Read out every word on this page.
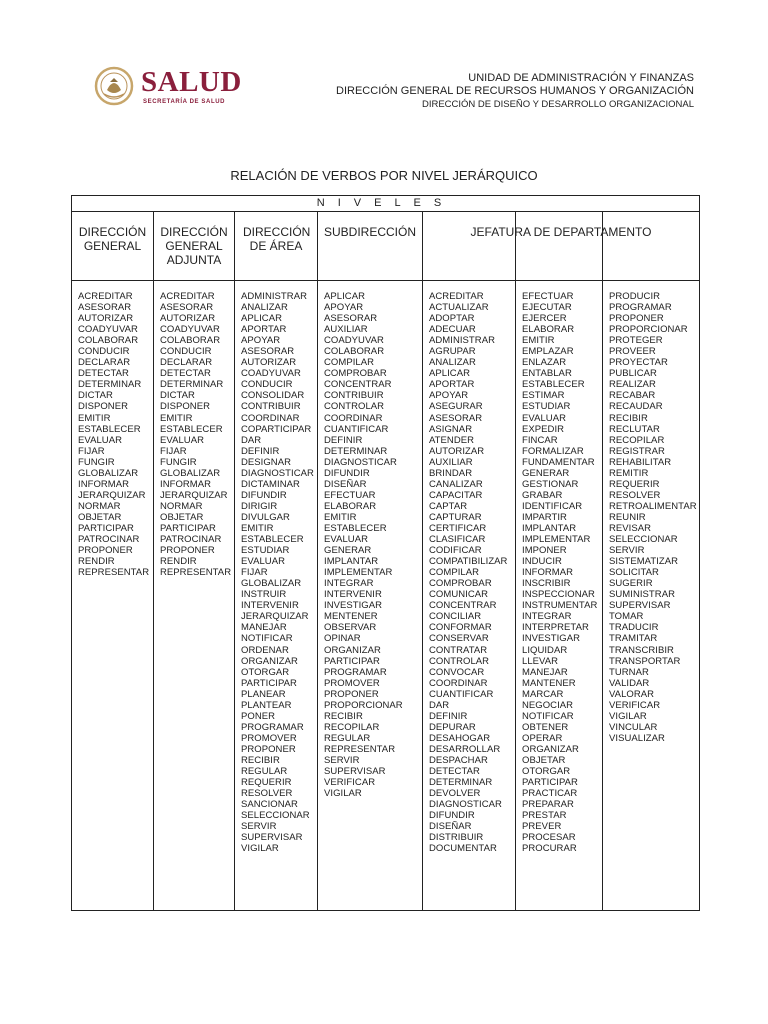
SALUD
SECRETARÍA DE SALUD
UNIDAD DE ADMINISTRACIÓN Y FINANZAS
DIRECCIÓN GENERAL DE RECURSOS HUMANOS Y ORGANIZACIÓN
DIRECCIÓN DE DISEÑO Y DESARROLLO ORGANIZACIONAL
RELACIÓN DE VERBOS POR NIVEL JERÁRQUICO
NIVELES
DIRECCIÓN GENERAL
ACREDITAR
ASESORAR
AUTORIZAR
COADYUVAR
COLABORAR
CONDUCIR
DECLARAR
DETECTAR
DETERMINAR
DICTAR
DISPONER
EMITIR
ESTABLECER
EVALUAR
FIJAR
FUNGIR
GLOBALIZAR
INFORMAR
JERARQUIZAR
NORMAR
OBJETAR
PARTICIPAR
PATROCINAR
PROPONER
RENDIR
REPRESENTAR
DIRECCIÓN GENERAL ADJUNTA
ACREDITAR
ASESORAR
AUTORIZAR
COADYUVAR
COLABORAR
CONDUCIR
DECLARAR
DETECTAR
DETERMINAR
DICTAR
DISPONER
EMITIR
ESTABLECER
EVALUAR
FIJAR
FUNGIR
GLOBALIZAR
INFORMAR
JERARQUIZAR
NORMAR
OBJETAR
PARTICIPAR
PATROCINAR
PROPONER
RENDIR
REPRESENTAR
DIRECCIÓN DE ÁREA
ADMINISTRAR
ANALIZAR
APLICAR
APORTAR
APOYAR
ASESORAR
AUTORIZAR
COADYUVAR
CONDUCIR
CONSOLIDAR
CONTRIBUIR
COORDINAR
COPARTICIPAR
DAR
DEFINIR
DESIGNAR
DIAGNOSTICAR
DICTAMINAR
DIFUNDIR
DIRIGIR
DIVULGAR
EMITIR
ESTABLECER
ESTUDIAR
EVALUAR
FIJAR
GLOBALIZAR
INSTRUIR
INTERVENIR
JERARQUIZAR
MANEJAR
NOTIFICAR
ORDENAR
ORGANIZAR
OTORGAR
PARTICIPAR
PLANEAR
PLANTEAR
PONER
PROGRAMAR
PROMOVER
PROPONER
RECIBIR
REGULAR
REQUERIR
RESOLVER
SANCIONAR
SELECCIONAR
SERVIR
SUPERVISAR
VIGILAR
SUBDIRECCIÓN
APLICAR
APOYAR
ASESORAR
AUXILIAR
COADYUVAR
COLABORAR
COMPILAR
COMPROBAR
CONCENTRAR
CONTRIBUIR
CONTROLAR
COORDINAR
CUANTIFICAR
DEFINIR
DETERMINAR
DIAGNOSTICAR
DIFUNDIR
DISEÑAR
EFECTUAR
ELABORAR
EMITIR
ESTABLECER
EVALUAR
GENERAR
IMPLANTAR
IMPLEMENTAR
INTEGRAR
INTERVENIR
INVESTIGAR
MENTENER
OBSERVAR
OPINAR
ORGANIZAR
PARTICIPAR
PROGRAMAR
PROMOVER
PROPONER
PROPORCIONAR
RECIBIR
RECOPILAR
REGULAR
REPRESENTAR
SERVIR
SUPERVISAR
VERIFICAR
VIGILAR
JEFATURA DE DEPARTAMENTO
ACREDITAR
ACTUALIZAR
ADOPTAR
ADECUAR
ADMINISTRAR
AGRUPAR
ANALIZAR
APLICAR
APORTAR
APOYAR
ASEGURAR
ASESORAR
ASIGNAR
ATENDER
AUTORIZAR
AUXILIAR
BRINDAR
CANALIZAR
CAPACITAR
CAPTAR
CAPTURAR
CERTIFICAR
CLASIFICAR
CODIFICAR
COMPATIBILIZAR
COMPILAR
COMPROBAR
COMUNICAR
CONCENTRAR
CONCILIAR
CONFORMAR
CONSERVAR
CONTRATAR
CONTROLAR
CONVOCAR
COORDINAR
CUANTIFICAR
DAR
DEFINIR
DEPURAR
DESAHOGAR
DESARROLLAR
DESPACHAR
DETECTAR
DETERMINAR
DEVOLVER
DIAGNOSTICAR
DIFUNDIR
DISEÑAR
DISTRIBUIR
DOCUMENTAR
EFECTUAR
EJECUTAR
EJERCER
ELABORAR
EMITIR
EMPLAZAR
ENLAZAR
ENTABLAR
ESTABLECER
ESTIMAR
ESTUDIAR
EVALUAR
EXPEDIR
FINCAR
FORMALIZAR
FUNDAMENTAR
GENERAR
GESTIONAR
GRABAR
IDENTIFICAR
IMPARTIR
IMPLANTAR
IMPLEMENTAR
IMPONER
INDUCIR
INFORMAR
INSCRIBIR
INSPECCIONAR
INSTRUMENTAR
INTEGRAR
INTERPRETAR
INVESTIGAR
LIQUIDAR
LLEVAR
MANEJAR
MANTENER
MARCAR
NEGOCIAR
NOTIFICAR
OBTENER
OPERAR
ORGANIZAR
OBJETAR
OTORGAR
PARTICIPAR
PRACTICAR
PREPARAR
PRESTAR
PREVER
PROCESAR
PROCURAR
PRODUCIR
PROGRAMAR
PROPONER
PROPORCIONAR
PROTEGER
PROVEER
PROYECTAR
PUBLICAR
REALIZAR
RECABAR
RECAUDAR
RECIBIR
RECLUTAR
RECOPILAR
REGISTRAR
REHABILITAR
REMITIR
REQUERIR
RESOLVER
RETROALIMENTAR
REUNIR
REVISAR
SELECCIONAR
SERVIR
SISTEMATIZAR
SOLICITAR
SUGERIR
SUMINISTRAR
SUPERVISAR
TOMAR
TRADUCIR
TRAMITAR
TRANSCRIBIR
TRANSPORTAR
TURNAR
VALIDAR
VALORAR
VERIFICAR
VIGILAR
VINCULAR
VISUALIZAR
